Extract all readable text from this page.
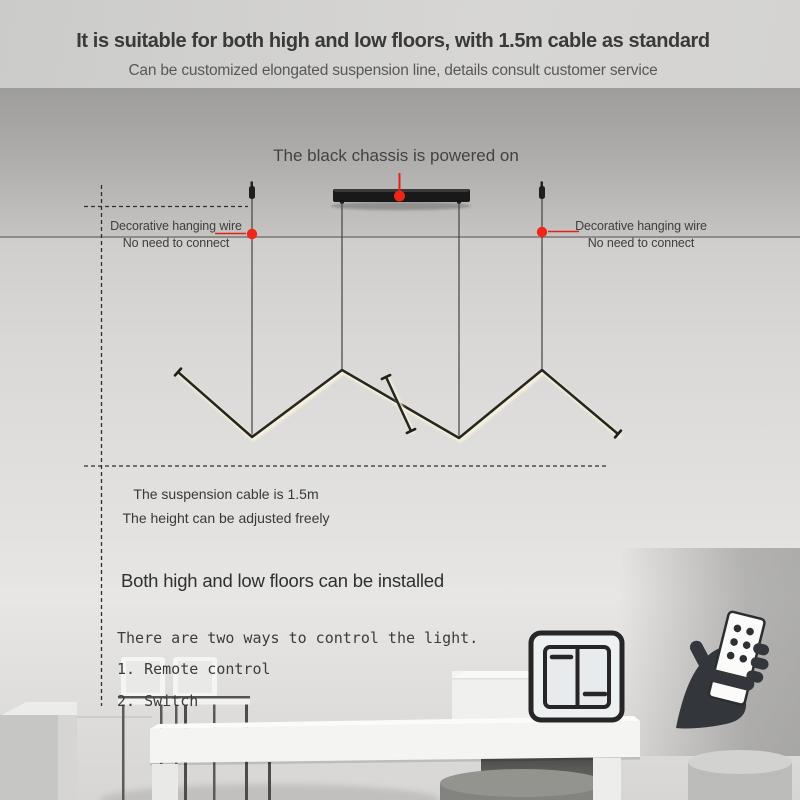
It is suitable for both high and low floors, with 1.5m cable as standard
Can be customized elongated suspension line, details consult customer service
The black chassis is powered on
Decorative hanging wire
No need to connect
Decorative hanging wire
No need to connect
The suspension cable is 1.5m
The height can be adjusted freely
Both high and low floors can be installed
There are two ways to control the light.
1. Remote control
2. Switch
